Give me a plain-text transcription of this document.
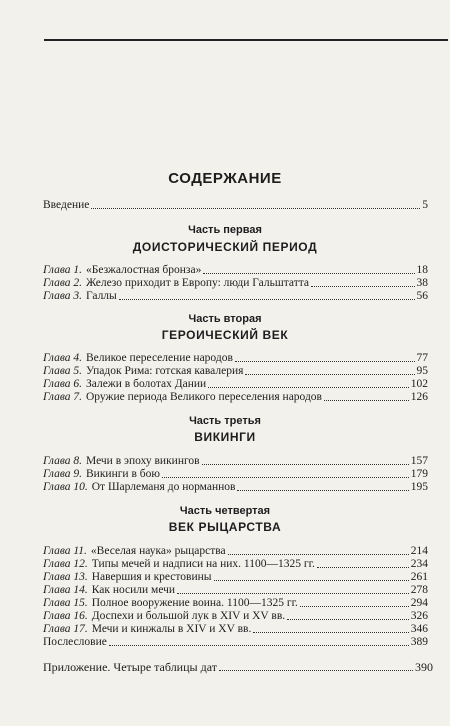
СОДЕРЖАНИЕ
Введение	5
Часть первая
ДОИСТОРИЧЕСКИЙ ПЕРИОД
Глава 1. «Безжалостная бронза»	18
Глава 2. Железо приходит в Европу: люди Гальштатта	38
Глава 3. Галлы	56
Часть вторая
ГЕРОИЧЕСКИЙ ВЕК
Глава 4. Великое переселение народов	77
Глава 5. Упадок Рима: готская кавалерия	95
Глава 6. Залежи в болотах Дании	102
Глава 7. Оружие периода Великого переселения народов	126
Часть третья
ВИКИНГИ
Глава 8. Мечи в эпоху викингов	157
Глава 9. Викинги в бою	179
Глава 10. От Шарлеманя до норманнов	195
Часть четвертая
ВЕК РЫЦАРСТВА
Глава 11. «Веселая наука» рыцарства	214
Глава 12. Типы мечей и надписи на них. 1100—1325 гг.	234
Глава 13. Навершия и крестовины	261
Глава 14. Как носили мечи	278
Глава 15. Полное вооружение воина. 1100—1325 гг.	294
Глава 16. Доспехи и большой лук в XIV и XV вв.	326
Глава 17. Мечи и кинжалы в XIV и XV вв.	346
Послесловие	389
Приложение. Четыре таблицы дат	390
